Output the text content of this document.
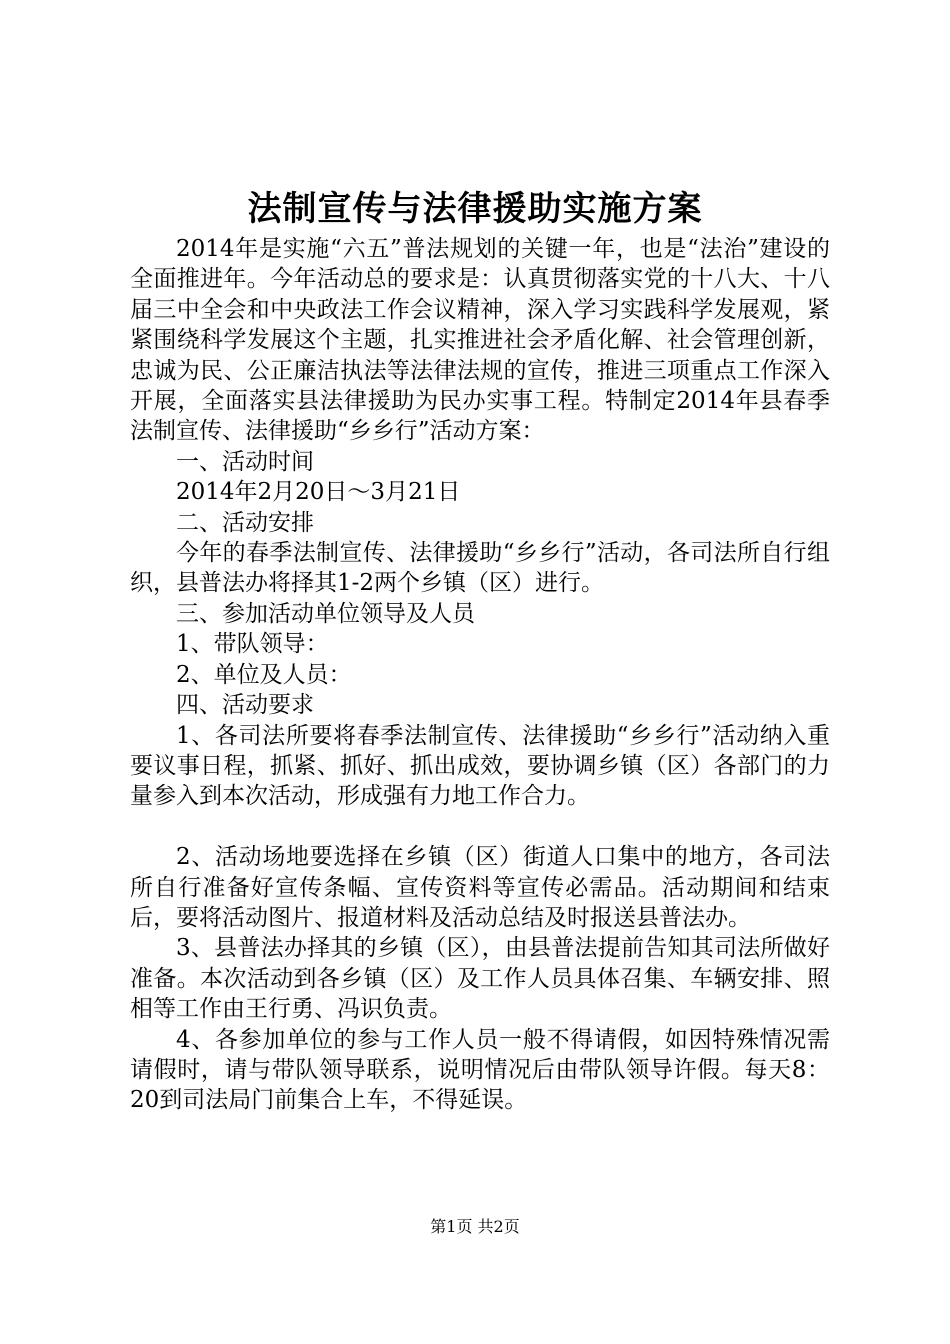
法制宣传与法律援助实施方案

2014年是实施“六五”普法规划的关键一年，也是“法治”建设的全面推进年。今年活动总的要求是：认真贯彻落实党的十八大、十八届三中全会和中央政法工作会议精神，深入学习实践科学发展观，紧紧围绕科学发展这个主题，扎实推进社会矛盾化解、社会管理创新，忠诚为民、公正廉洁执法等法律法规的宣传，推进三项重点工作深入开展，全面落实县法律援助为民办实事工程。特制定2014年县春季法制宣传、法律援助“乡乡行”活动方案：

一、活动时间

2014年2月20日～3月21日

二、活动安排

今年的春季法制宣传、法律援助“乡乡行”活动，各司法所自行组织，县普法办将择其1-2两个乡镇（区）进行。

三、参加活动单位领导及人员

1、带队领导：

2、单位及人员：

四、活动要求

1、各司法所要将春季法制宣传、法律援助“乡乡行”活动纳入重要议事日程，抓紧、抓好、抓出成效，要协调乡镇（区）各部门的力量参入到本次活动，形成强有力地工作合力。

2、活动场地要选择在乡镇（区）街道人口集中的地方，各司法所自行准备好宣传条幅、宣传资料等宣传必需品。活动期间和结束后，要将活动图片、报道材料及活动总结及时报送县普法办。

3、县普法办择其的乡镇（区），由县普法提前告知其司法所做好准备。本次活动到各乡镇（区）及工作人员具体召集、车辆安排、照相等工作由王行勇、冯识负责。

4、各参加单位的参与工作人员一般不得请假，如因特殊情况需请假时，请与带队领导联系，说明情况后由带队领导许假。每天8：20到司法局门前集合上车，不得延误。

第1页 共2页
